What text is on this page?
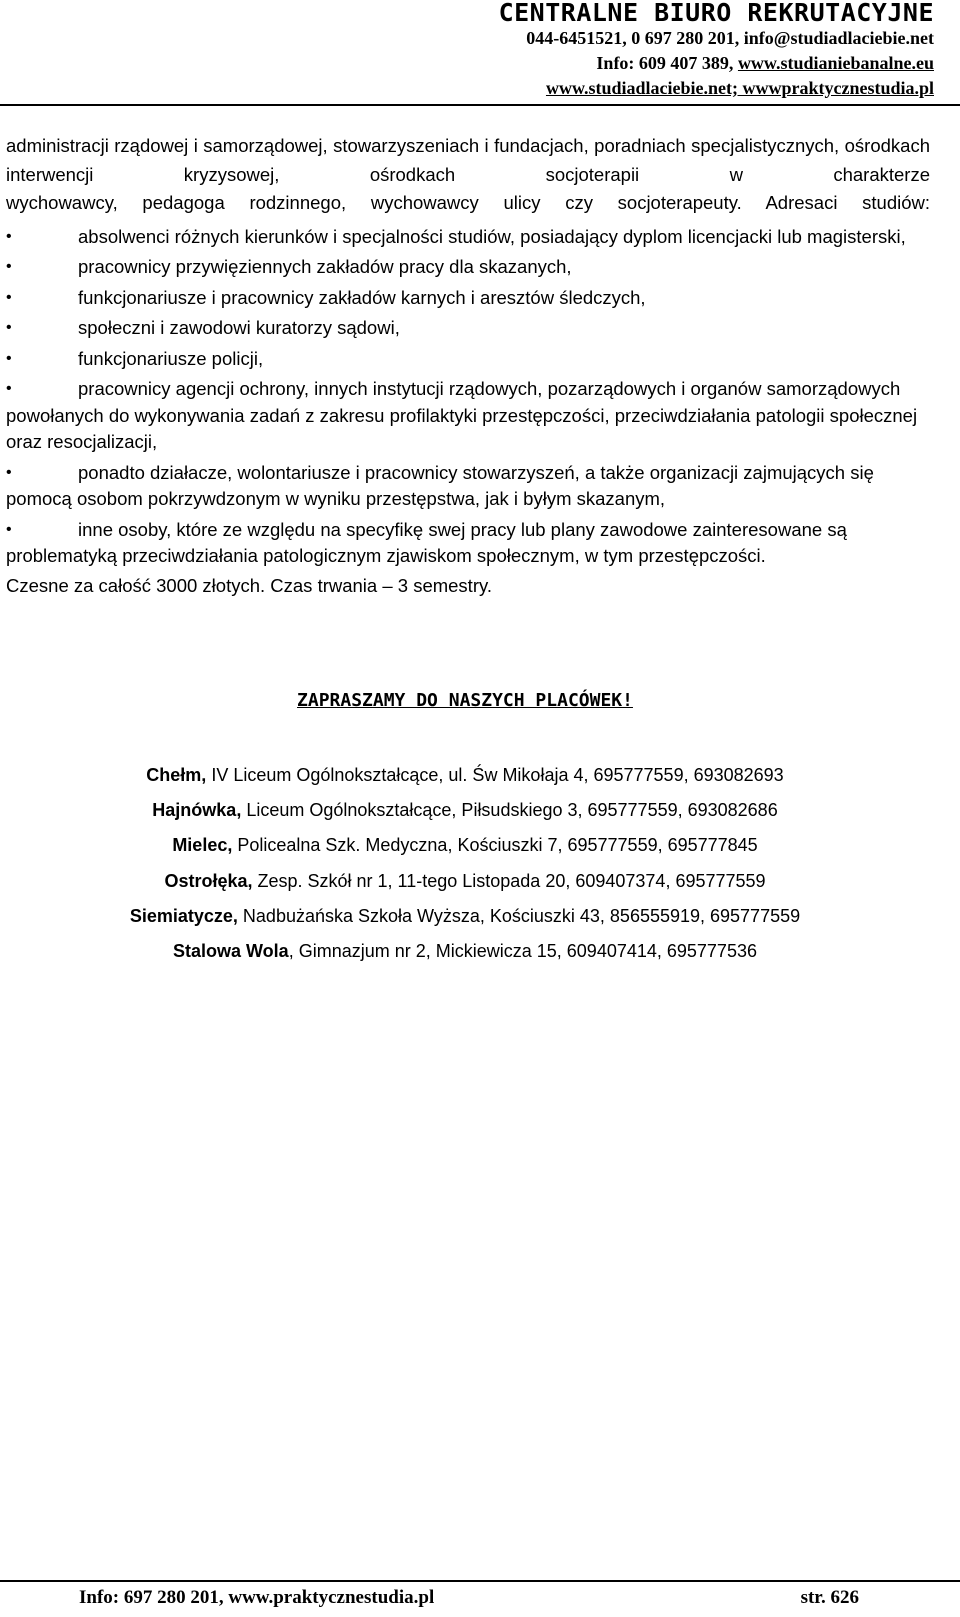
CENTRALNE BIURO REKRUTACYJNE
044-6451521, 0 697 280 201, info@studiadlaciebie.net
Info: 609 407 389, www.studianiebanalne.eu
www.studiadlaciebie.net; wwwpraktycznestudia.pl

administracji rządowej i samorządowej, stowarzyszeniach i fundacjach, poradniach specjalistycznych, ośrodkach interwencji kryzysowej, ośrodkach socjoterapii w charakterze

wychowawcy, pedagoga rodzinnego, wychowawcy ulicy czy socjoterapeuty. Adresaci studiów:

•	absolwenci różnych kierunków i specjalności studiów, posiadający dyplom licencjacki lub magisterski,
•	pracownicy przywięziennych zakładów pracy dla skazanych,
•	funkcjonariusze i pracownicy zakładów karnych i aresztów śledczych,
•	społeczni i zawodowi kuratorzy sądowi,
•	funkcjonariusze policji,
•	pracownicy agencji ochrony, innych instytucji rządowych, pozarządowych i organów samorządowych powołanych do wykonywania zadań z zakresu profilaktyki przestępczości, przeciwdziałania patologii społecznej oraz resocjalizacji,
•	ponadto działacze, wolontariusze i pracownicy stowarzyszeń, a także organizacji zajmujących się pomocą osobom pokrzywdzonym w wyniku przestępstwa, jak i byłym skazanym,
•	inne osoby, które ze względu na specyfikę swej pracy lub plany zawodowe zainteresowane są problematyką przeciwdziałania patologicznym zjawiskom społecznym, w tym przestępczości.
Czesne za całość 3000 złotych. Czas trwania – 3 semestry.
ZAPRASZAMY DO NASZYCH PLACÓWEK!
Chełm, IV Liceum Ogólnokształcące, ul. Św Mikołaja 4, 695777559, 693082693
Hajnówka, Liceum Ogólnokształcące, Piłsudskiego 3, 695777559, 693082686
Mielec, Policealna Szk. Medyczna, Kościuszki 7, 695777559, 695777845
Ostrołęka, Zesp. Szkół nr 1, 11-tego Listopada 20, 609407374, 695777559
Siemiatycze, Nadbużańska Szkoła Wyższa, Kościuszki 43, 856555919, 695777559
Stalowa Wola, Gimnazjum nr 2, Mickiewicza 15, 609407414, 695777536
Info: 697 280 201, www.praktycznestudia.pl	str. 626
